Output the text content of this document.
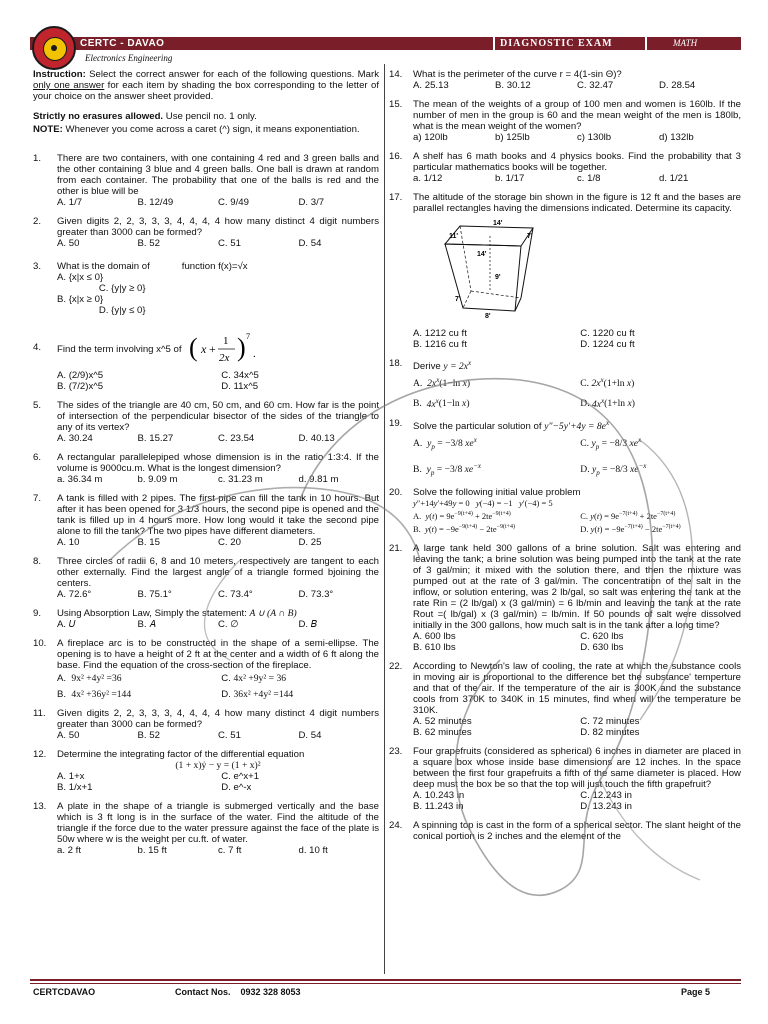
CERTC - DAVAO	DIAGNOSTIC EXAM	MATH
Electronics Engineering

Instruction: Select the correct answer for each of the following questions. Mark only one answer for each item by shading the box corresponding to the letter of your choice on the answer sheet provided.

Strictly no erasures allowed. Use pencil no. 1 only.

NOTE: Whenever you come across a caret (^) sign, it means exponentiation.

1. There are two containers, with one containing 4 red and 3 green balls and the other containing 3 blue and 4 green balls. One ball is drawn at random from each container. The probability that one of the balls is red and the other is blue will be
A. 1/7	B. 12/49	C. 9/49	D. 3/7
2. Given digits 2, 2, 3, 3, 3, 4, 4, 4, 4 how many distinct 4 digit numbers greater than 3000 can be formed?
A. 50	B. 52	C. 51	D. 54
3. What is the domain of	function f(x)=√x
A. {x|x ≤ 0}
C. {y|y ≥ 0}
B. {x|x ≥ 0}
D. {y|y ≤ 0}
4. Find the term involving x^5 of ( x +
1
2x ) 7
.
A. (2/9)x^5	C. 34x^5
B. (7/2)x^5	D. 11x^5
5. The sides of the triangle are 40 cm, 50 cm, and 60 cm. How far is the point of intersection of the perpendicular bisector of the sides of the triangle to any of its vertex?
A. 30.24	B. 15.27	C. 23.54	D. 40.13
6. A rectangular parallelepiped whose dimension is in the ratio 1:3:4. If the volume is 9000cu.m. What is the longest dimension?
a. 36.34 m	b. 9.09 m	c. 31.23 m	d. 9.81 m
7. A tank is filled with 2 pipes. The first pipe can fill the tank in 10 hours. But after it has been opened for 3 1/3 hours, the second pipe is opened and the tank is filled up in 4 hours more. How long would it take the second pipe alone to fill the tank? The two pipes have different diameters.
A. 10	B. 15	C. 20	D. 25
8. Three circles of radii 6, 8 and 10 meters, respectively are tangent to each other externally. Find the largest angle of a triangle formed bjoining the centers.
A. 72.6°	B. 75.1°	C. 73.4°	D. 73.3°
9. Using Absorption Law, Simply the statement: A ∪ (A ∩ B)
A. 𝑈	B. 𝐴	C. ∅	D. 𝐵
10. A fireplace arc is to be constructed in the shape of a semi-ellipse. The opening is to have a height of 2 ft at the center and a width of 6 ft along the base. Find the equation of the cross-section of the fireplace.
A.  9x² +4y² =36	C. 4x² +9y² = 36
B.  4x² +36y² =144	D. 36x² +4y² =144
11. Given digits 2, 2, 3, 3, 3, 4, 4, 4, 4 how many distinct 4 digit numbers greater than 3000 can be formed?
A. 50	B. 52	C. 51	D. 54
12. Determine the integrating factor of the differential equation
(1 + x)ẏ − y = (1 + x)²
A. 1+x	C. e^x+1
B. 1/x+1	D. e^-x
13. A plate in the shape of a triangle is submerged vertically and the base which is 3 ft long is in the surface of the water. Find the altitude of the triangle if the force due to the water pressure against the face of the plate is 50w where w is the weight per cu.ft. of water.
a. 2 ft	b. 15 ft	c. 7 ft	d. 10 ft
14. What is the perimeter of the curve r = 4(1-sin Θ)?
A. 25.13	B. 30.12	C. 32.47	D. 28.54
15. The mean of the weights of a group of 100 men and women is 160lb. If the number of men in the group is 60 and the mean weight of the men is 180lb, what is the mean weight of the women?
a) 120lb	b) 125lb	c) 130lb	d) 132lb
16. A shelf has 6 math books and 4 physics books. Find the probability that 3 particular mathematics books will be together.
a. 1/12	b. 1/17	c. 1/8	d. 1/21
17. The altitude of the storage bin shown in the figure is 12 ft and the bases are parallel rectangles having the dimensions indicated. Determine its capacity.
14'
11'
14'
7'
9'
7'
8'
A. 1212 cu ft	C. 1220 cu ft
B. 1216 cu ft	D. 1224 cu ft
18. Derive $y = 2x^x$
A.  $2x^x(1-\ln$ x)	C. $2x^x(1+\ln$ x)
B.  $4x^x(1-\ln$ x)	D. $4x^x(1+\ln$ x)
19. Solve the particular solution of $y''-5y'+4y = 8e^x$
A.  $y_p = -3/8$ $xe^x$	C. $y_p = -8/3$ $xe^x$
B.  $y_p = -3/8$ $xe^{-x}$	D. $y_p = -8/3$ $xe^{-x}$
20. Solve the following initial value problem
y″+14y′+49y = 0   y(−4) = −1   y′(−4) = 5
A.  $y(t) = 9e^{-9(t+4)} + 2te^{-9(t+4)}$	C. $y(t) = 9e^{-7(t+4)} + 2te^{-7(t+4)}$
B.  $y(t) = -9e^{-9(t+4)} - 2te^{-9(t+4)}$	D. $y(t) = -9e^{-7(t+4)} - 2te^{-7(t+4)}$
21. A large tank held 300 gallons of a brine solution. Salt was entering and leaving the tank; a brine solution was being pumped into the tank at the rate of 3 gal/min; it mixed with the solution there, and then the mixture was pumped out at the rate of 3 gal/min. The concentration of the salt in the inflow, or solution entering, was 2 lb/gal, so salt was entering the tank at the rate Rin = (2 lb/gal) x (3 gal/min) = 6 lb/min and leaving the tank at the rate Rout =( lb/gal) x (3 gal/min) = lb/min. If 50 pounds of salt were dissolved initially in the 300 gallons, how much salt is in the tank after a long time?
A. 600 lbs	C. 620 lbs
B. 610 lbs	D. 630 lbs
22. According to Newton's law of cooling, the rate at which the substance cools in moving air is proportional to the difference bet the substance' temperture and that of the air. If the temperature of the air is 300K and the substance cools from 370K to 340K in 15 minutes, find when will the temperature be 310K.
A. 52 minutes	C. 72 minutes
B. 62 minutes	D. 82 minutes
23. Four grapefruits (considered as spherical) 6 inches in diameter are placed in a square box whose inside base dimensions are 12 inches. In the space between the first four grapefruits a fifth of the same diameter is placed. How deep must the box be so that the top will just touch the fifth grapefruit?
A. 10.243 in	C. 12.243 in
B. 11.243 in	D. 13.243 in
24. A spinning top is cast in the form of a spherical sector. The slant height of the conical portion is 2 inches and the element of the
CERTCDAVAO	Contact Nos.    0932 328 8053	Page 5
